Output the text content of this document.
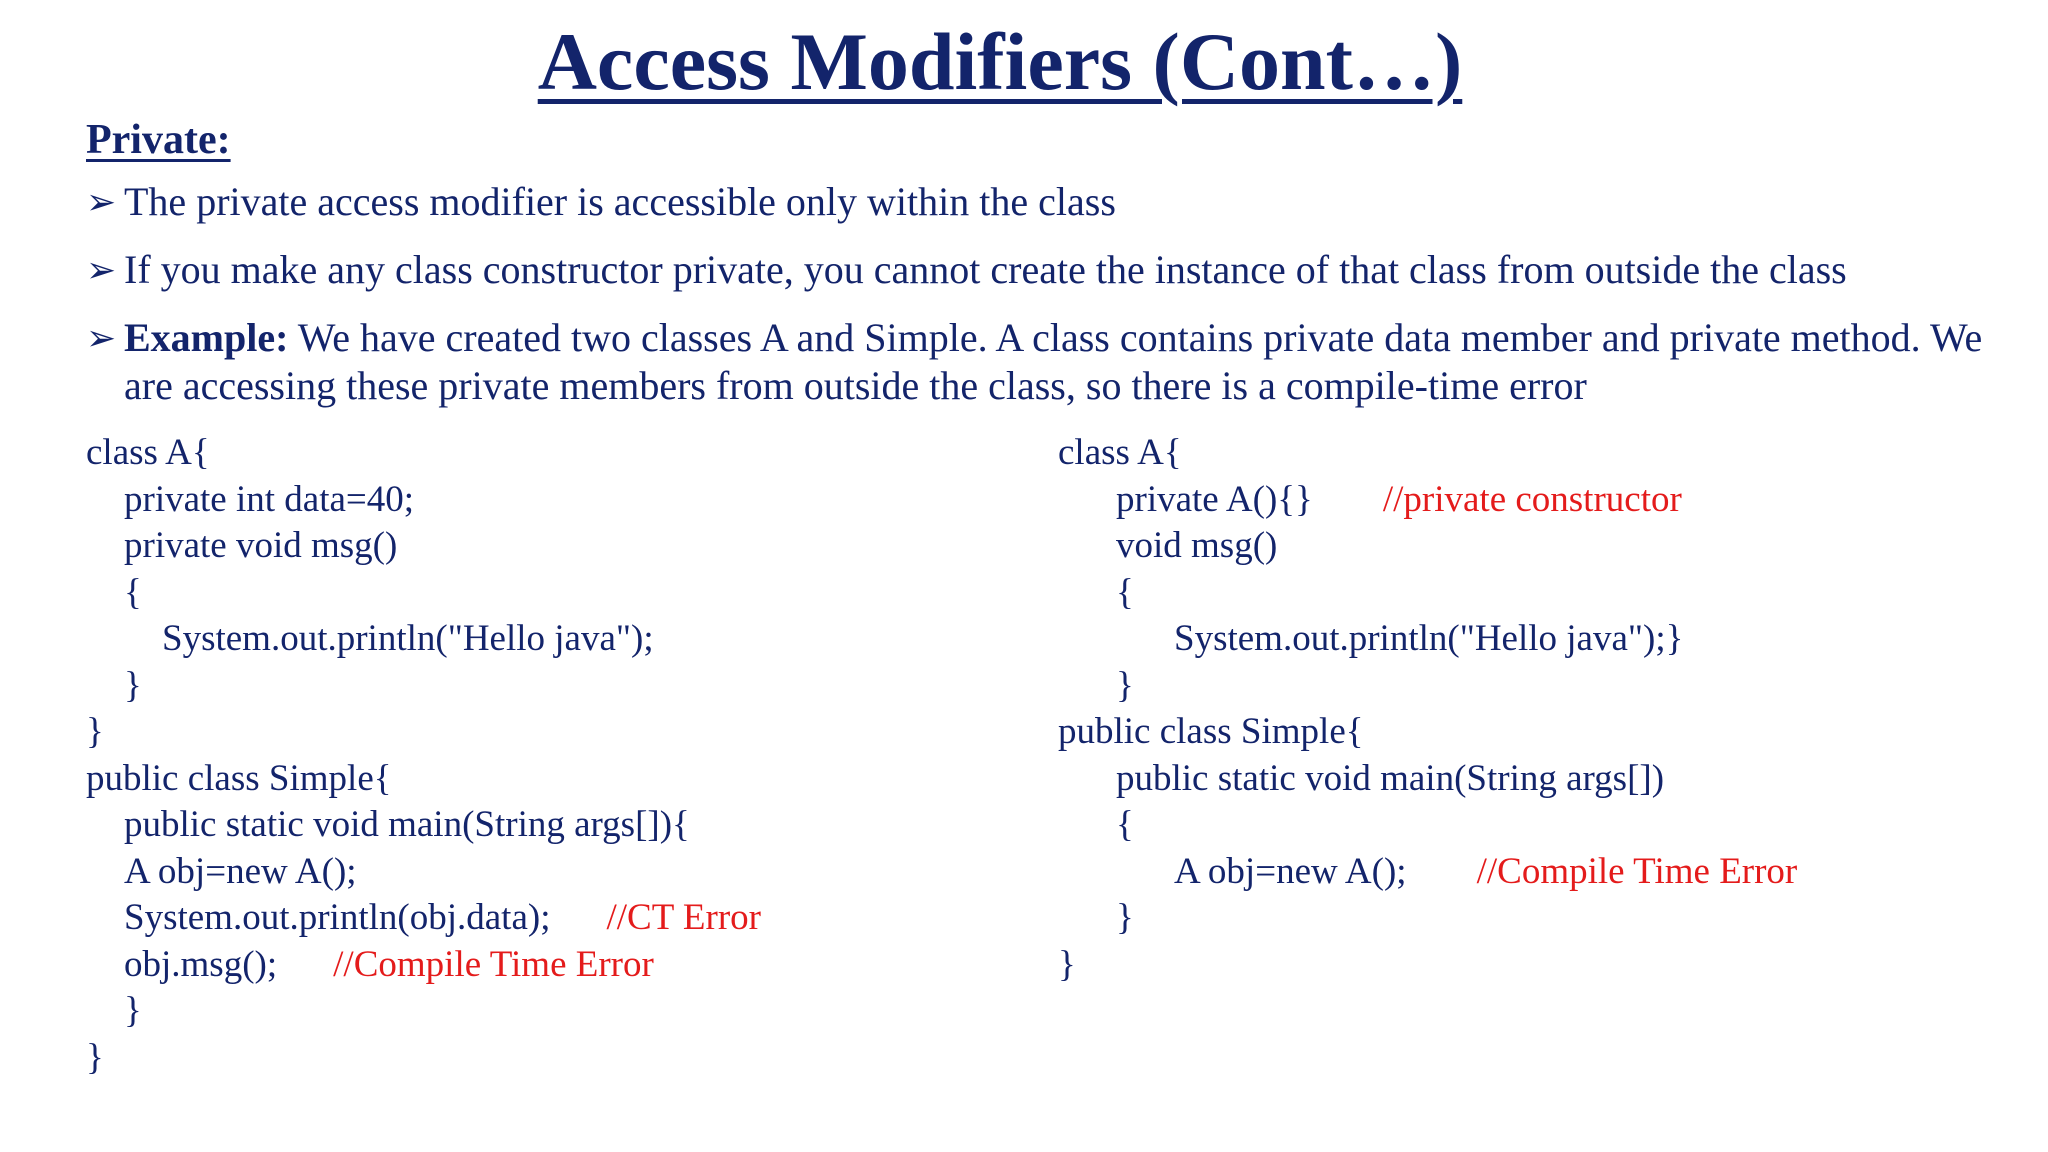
Access Modifiers (Cont…)
Private:
➢ The private access modifier is accessible only within the class
➢ If you make any class constructor private, you cannot create the instance of that class from outside the class
➢ Example: We have created two classes A and Simple. A class contains private data member and private method. We are accessing these private members from outside the class, so there is a compile-time error
class A{
private int data=40;
private void msg()
{
System.out.println("Hello java");
}
}
public class Simple{
public static void main(String args[]){
A obj=new A();
System.out.println(obj.data); //CT Error
obj.msg(); //Compile Time Error
}
}
class A{
private A(){} //private constructor
void msg()
{
System.out.println("Hello java");}
}
public class Simple{
public static void main(String args[])
{
A obj=new A(); //Compile Time Error
}
}
